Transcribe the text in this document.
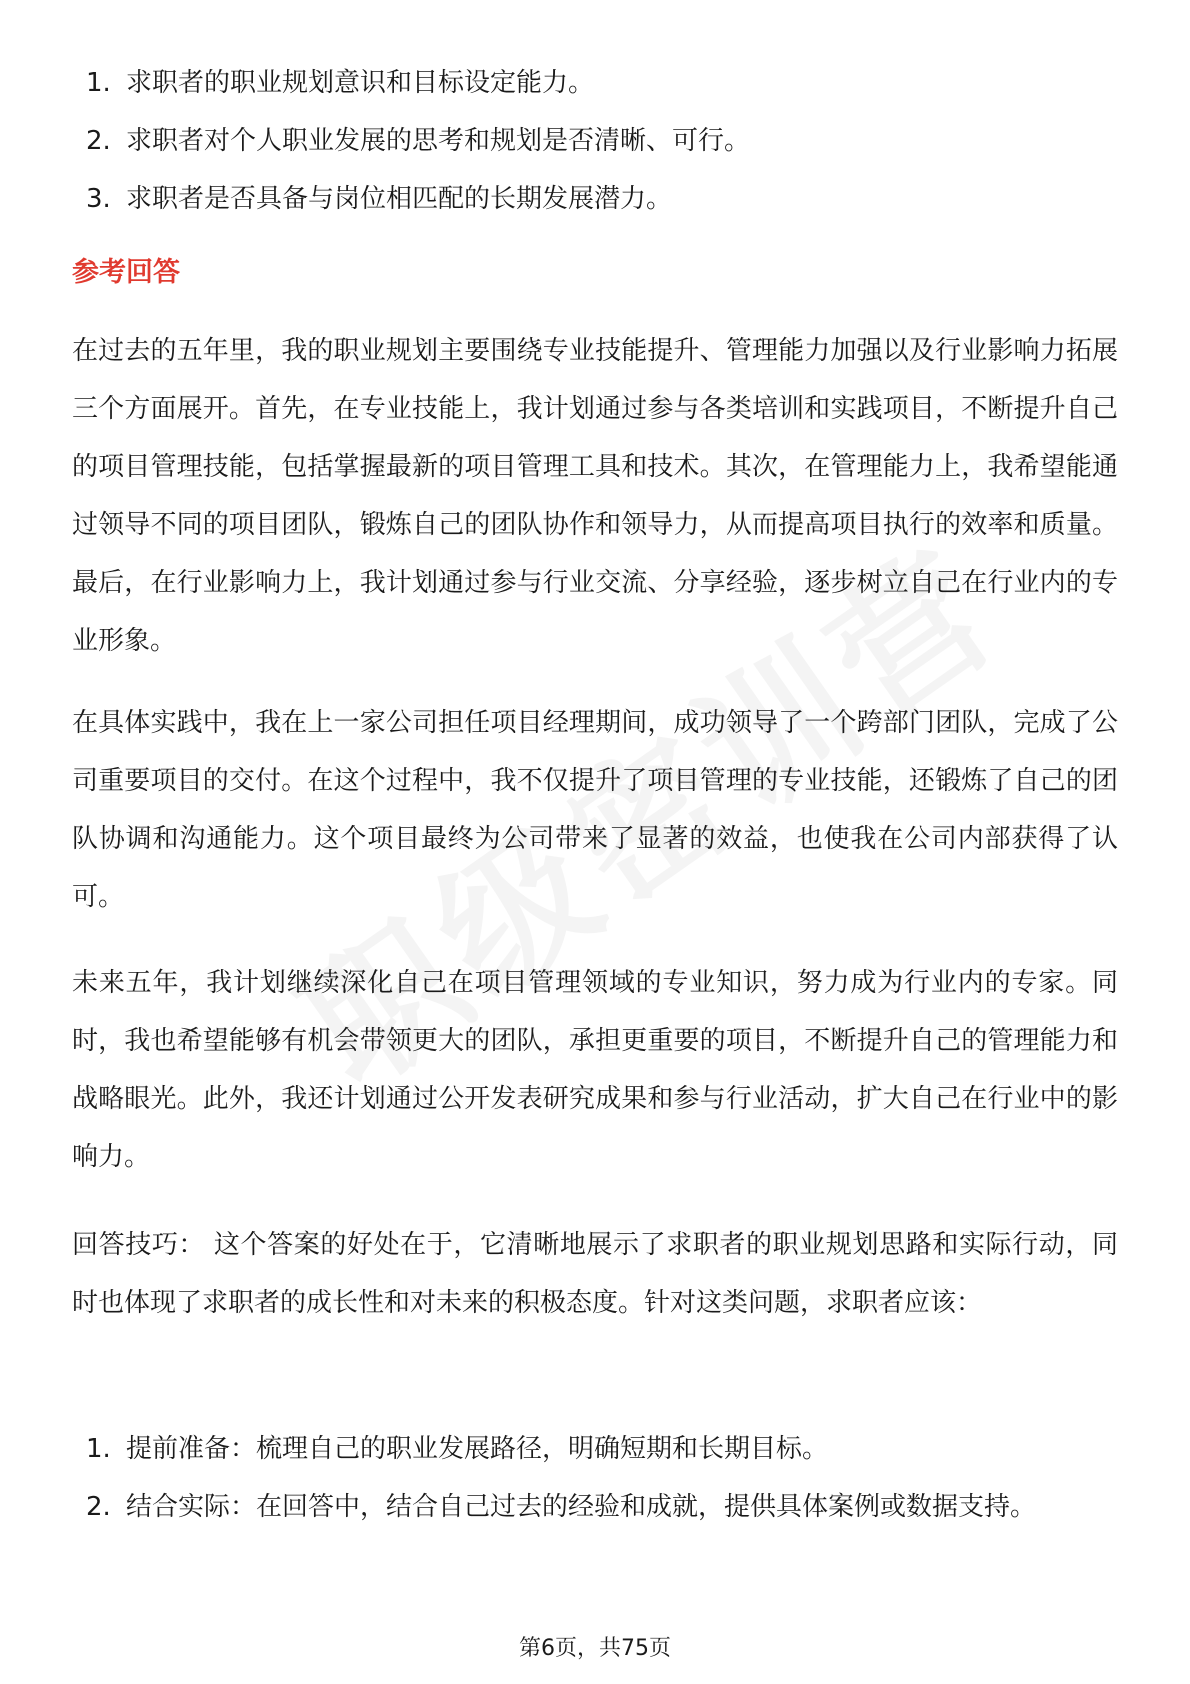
1. 求职者的职业规划意识和目标设定能力。
2. 求职者对个人职业发展的思考和规划是否清晰、可行。
3. 求职者是否具备与岗位相匹配的长期发展潜力。
参考回答

在过去的五年里，我的职业规划主要围绕专业技能提升、管理能力加强以及行业影响力拓展三个方面展开。首先，在专业技能上，我计划通过参与各类培训和实践项目，不断提升自己的项目管理技能，包括掌握最新的项目管理工具和技术。其次，在管理能力上，我希望能通过领导不同的项目团队，锻炼自己的团队协作和领导力，从而提高项目执行的效率和质量。最后，在行业影响力上，我计划通过参与行业交流、分享经验，逐步树立自己在行业内的专业形象。

在具体实践中，我在上一家公司担任项目经理期间，成功领导了一个跨部门团队，完成了公司重要项目的交付。在这个过程中，我不仅提升了项目管理的专业技能，还锻炼了自己的团队协调和沟通能力。这个项目最终为公司带来了显著的效益，也使我在公司内部获得了认可。

未来五年，我计划继续深化自己在项目管理领域的专业知识，努力成为行业内的专家。同时，我也希望能够有机会带领更大的团队，承担更重要的项目，不断提升自己的管理能力和战略眼光。此外，我还计划通过公开发表研究成果和参与行业活动，扩大自己在行业中的影响力。

回答技巧： 这个答案的好处在于，它清晰地展示了求职者的职业规划思路和实际行动，同时也体现了求职者的成长性和对未来的积极态度。针对这类问题，求职者应该：

1. 提前准备：梳理自己的职业发展路径，明确短期和长期目标。
2. 结合实际：在回答中，结合自己过去的经验和成就，提供具体案例或数据支持。
第6页，共75页
